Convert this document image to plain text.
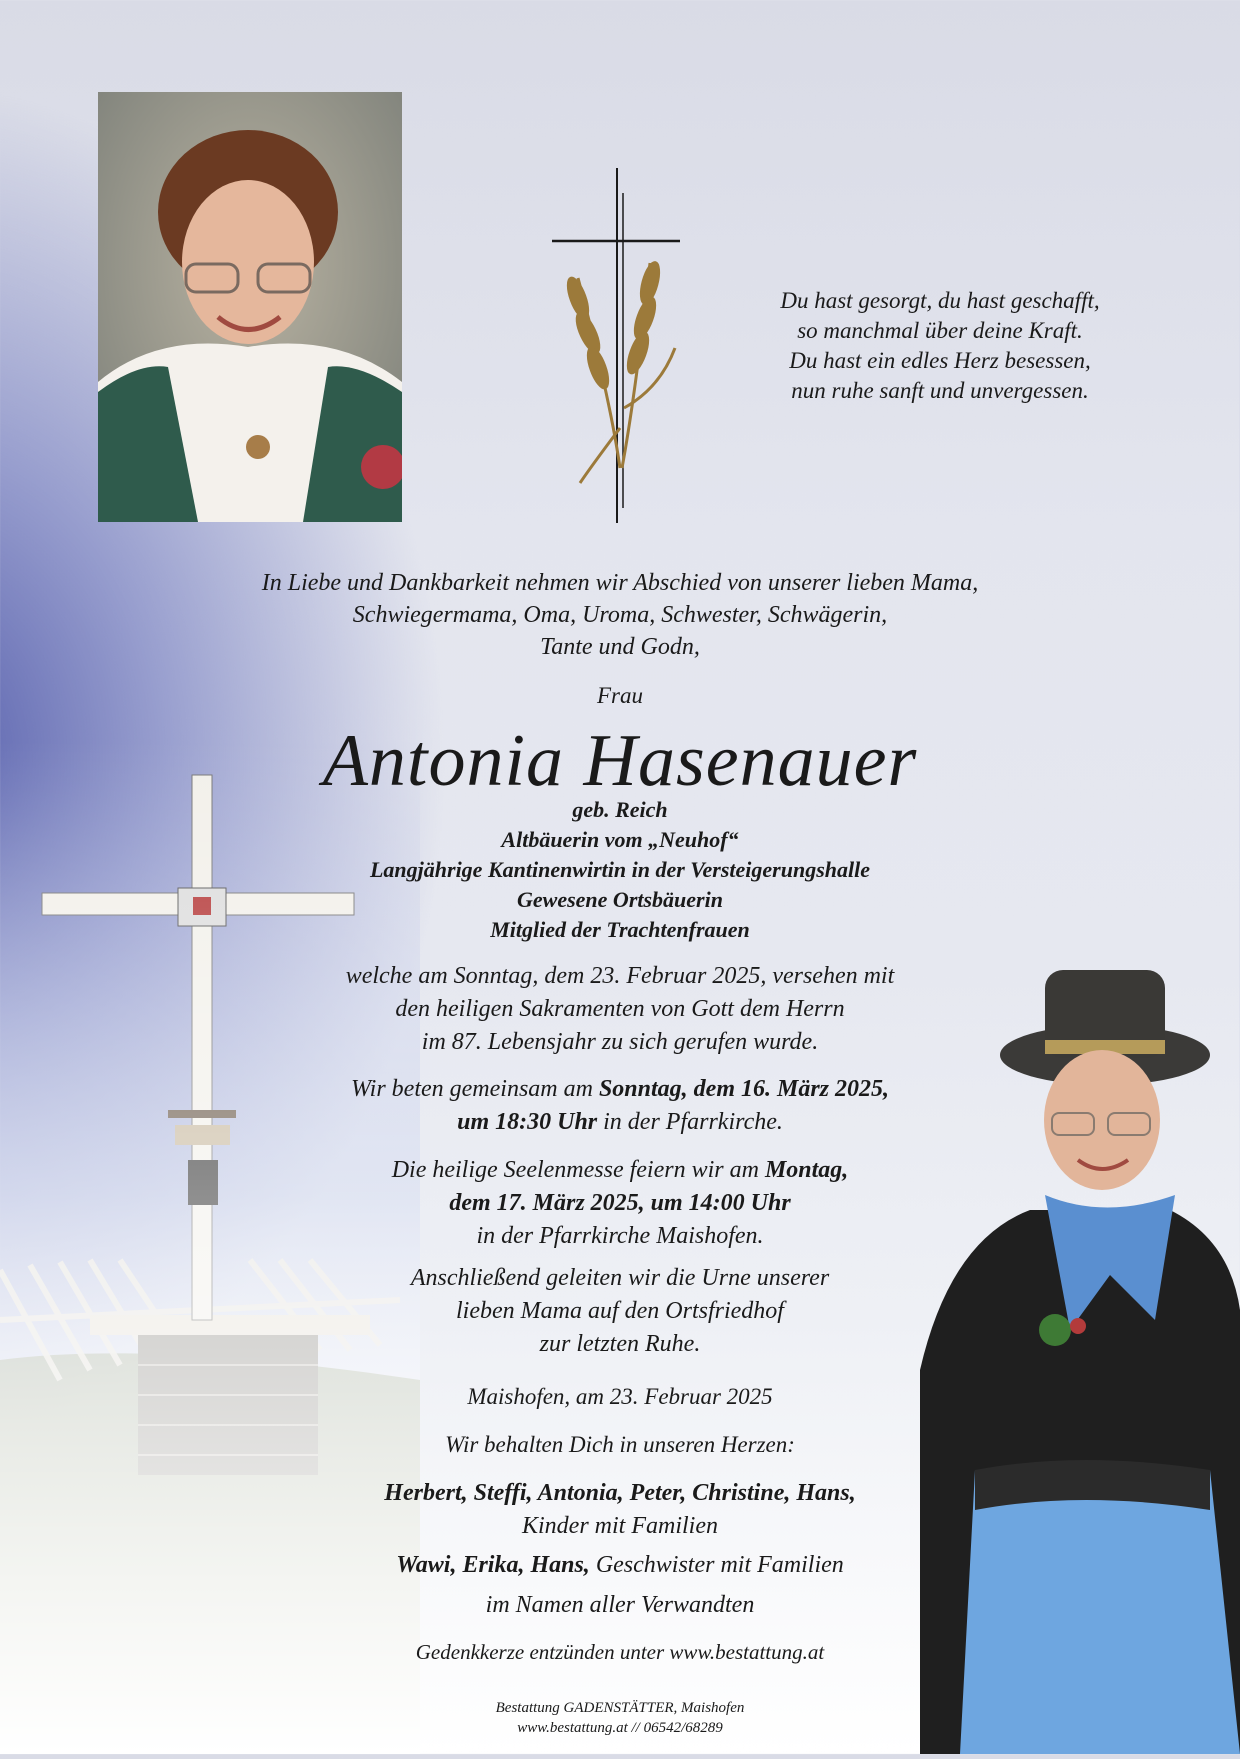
Du hast gesorgt, du hast geschafft,

so manchmal über deine Kraft.

Du hast ein edles Herz besessen,

nun ruhe sanft und unvergessen.

In Liebe und Dankbarkeit nehmen wir Abschied von unserer lieben Mama,

Schwiegermama, Oma, Uroma, Schwester, Schwägerin,

Tante und Godn,

Frau
Antonia Hasenauer

geb. Reich

Altbäuerin vom „Neuhof“

Langjährige Kantinenwirtin in der Versteigerungshalle

Gewesene Ortsbäuerin

Mitglied der Trachtenfrauen

welche am Sonntag, dem 23. Februar 2025, versehen mit

den heiligen Sakramenten von Gott dem Herrn

im 87. Lebensjahr zu sich gerufen wurde.

Wir beten gemeinsam am Sonntag, dem 16. März 2025,

um 18:30 Uhr in der Pfarrkirche.

Die heilige Seelenmesse feiern wir am Montag,

dem 17. März 2025, um 14:00 Uhr

in der Pfarrkirche Maishofen.

Anschließend geleiten wir die Urne unserer

lieben Mama auf den Ortsfriedhof

zur letzten Ruhe.

Maishofen, am 23. Februar 2025
Wir behalten Dich in unseren Herzen:

Herbert, Steffi, Antonia, Peter, Christine, Hans,

Kinder mit Familien

Wawi, Erika, Hans, Geschwister mit Familien

im Namen aller Verwandten
Gedenkkerze entzünden unter www.bestattung.at

Bestattung GADENSTÄTTER, Maishofen

www.bestattung.at // 06542/68289
